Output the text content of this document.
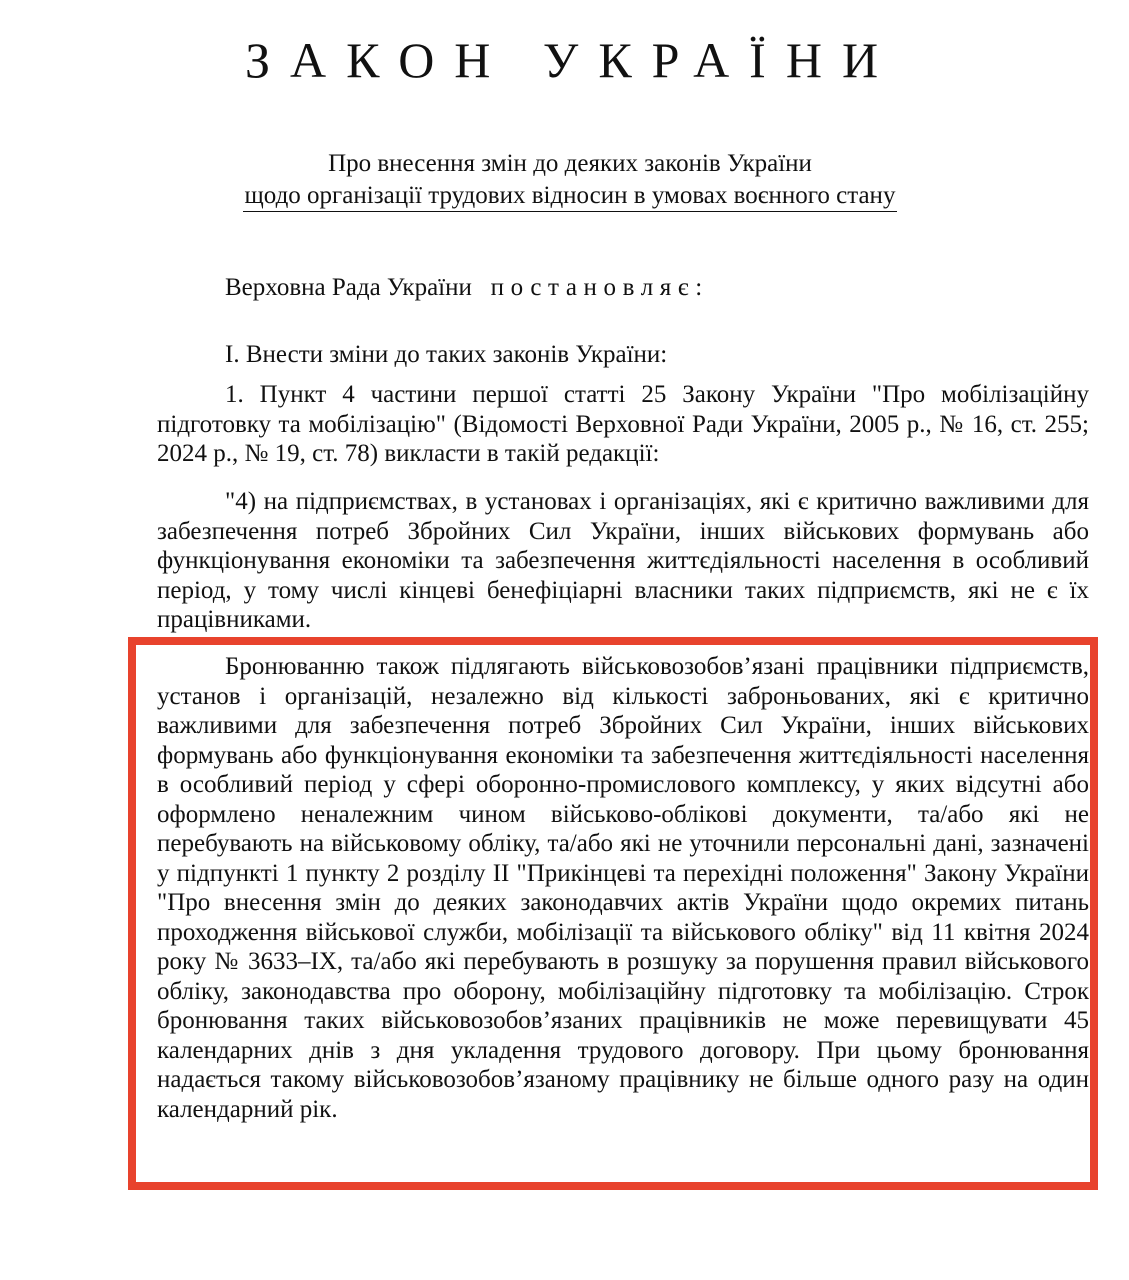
ЗАКОН УКРАЇНИ
Про внесення змін до деяких законів України
щодо організації трудових відносин в умовах воєнного стану
Верховна Рада України постановляє:
І. Внести зміни до таких законів України:
1. Пункт 4 частини першої статті 25 Закону України "Про мобілізаційну підготовку та мобілізацію" (Відомості Верховної Ради України, 2005 р., № 16, ст. 255; 2024 р., № 19, ст. 78) викласти в такій редакції:
"4) на підприємствах, в установах і організаціях, які є критично важливими для забезпечення потреб Збройних Сил України, інших військових формувань або функціонування економіки та забезпечення життєдіяльності населення в особливий період, у тому числі кінцеві бенефіціарні власники таких підприємств, які не є їх працівниками.
Бронюванню також підлягають військовозобов’язані працівники підприємств, установ і організацій, незалежно від кількості заброньованих, які є критично важливими для забезпечення потреб Збройних Сил України, інших військових формувань або функціонування економіки та забезпечення життєдіяльності населення в особливий період у сфері оборонно-промислового комплексу, у яких відсутні або оформлено неналежним чином військово-облікові документи, та/або які не перебувають на військовому обліку, та/або які не уточнили персональні дані, зазначені у підпункті 1 пункту 2 розділу ІІ "Прикінцеві та перехідні положення" Закону України "Про внесення змін до деяких законодавчих актів України щодо окремих питань проходження військової служби, мобілізації та військового обліку" від 11 квітня 2024 року № 3633–ІХ, та/або які перебувають в розшуку за порушення правил військового обліку, законодавства про оборону, мобілізаційну підготовку та мобілізацію. Строк бронювання таких військовозобов’язаних працівників не може перевищувати 45 календарних днів з дня укладення трудового договору. При цьому бронювання надається такому військовозобов’язаному працівнику не більше одного разу на один календарний рік.
